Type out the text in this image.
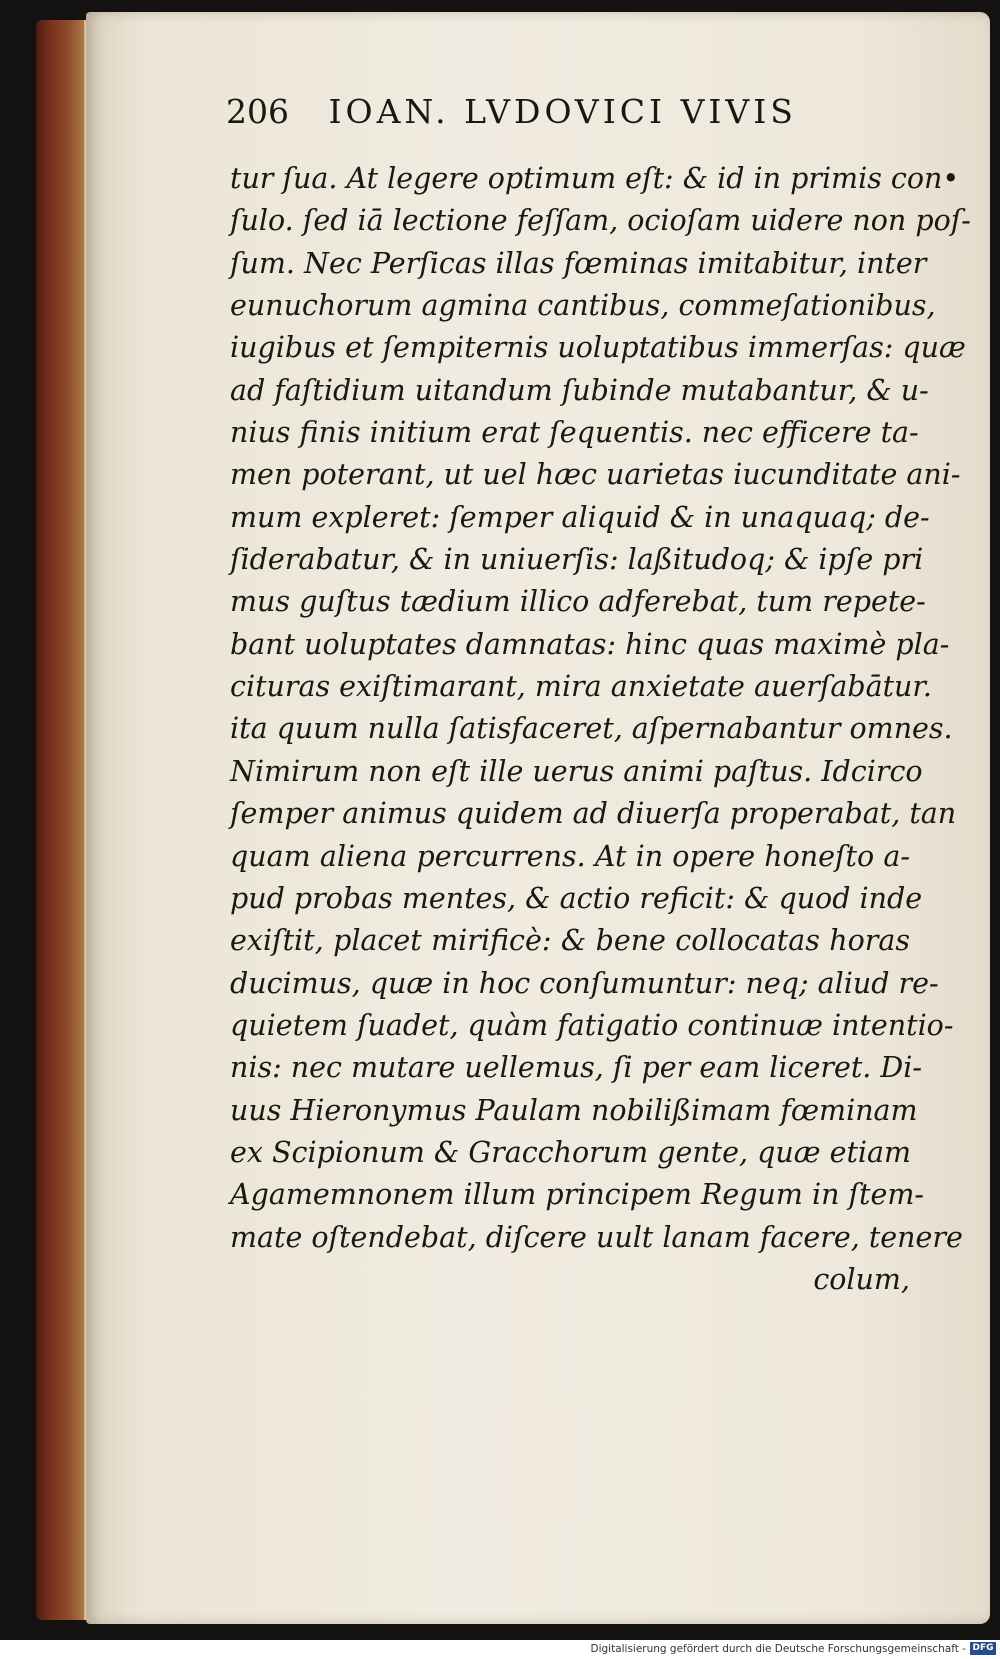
206 IOAN. LVDOVICI VIVIS
tur ſua. At legere optimum eſt: & id in primis con•
ſulo. ſed iā lectione feſſam, ocioſam uidere non poſ‑
ſum. Nec Perſicas illas fœminas imitabitur, inter
eunuchorum agmina cantibus, commeſationibus,
iugibus et ſempiternis uoluptatibus immerſas: quæ
ad faſtidium uitandum ſubinde mutabantur, & u‑
nius finis initium erat ſequentis. nec efficere ta‑
men poterant, ut uel hæc uarietas iucunditate ani‑
mum expleret: ſemper aliquid & in unaquaq; de‑
ſiderabatur, & in uniuerſis: laßitudoq; & ipſe pri
mus guſtus tædium illico adferebat, tum repete‑
bant uoluptates damnatas: hinc quas maximè pla‑
cituras exiſtimarant, mira anxietate auerſabātur.
ita quum nulla ſatisfaceret, aſpernabantur omnes.
Nimirum non eſt ille uerus animi paſtus. Idcirco
ſemper animus quidem ad diuerſa properabat, tan
quam aliena percurrens. At in opere honeſto a‑
pud probas mentes, & actio reficit: & quod inde
exiſtit, placet mirificè: & bene collocatas horas
ducimus, quæ in hoc conſumuntur: neq; aliud re‑
quietem ſuadet, quàm fatigatio continuæ intentio‑
nis: nec mutare uellemus, ſi per eam liceret. Di‑
uus Hieronymus Paulam nobilißimam fœminam
ex Scipionum & Gracchorum gente, quæ etiam
Agamemnonem illum principem Regum in ſtem‑
mate oſtendebat, diſcere uult lanam facere, tenere
colum,
Digitalisierung gefördert durch die Deutsche Forschungsgemeinschaft - DFG
